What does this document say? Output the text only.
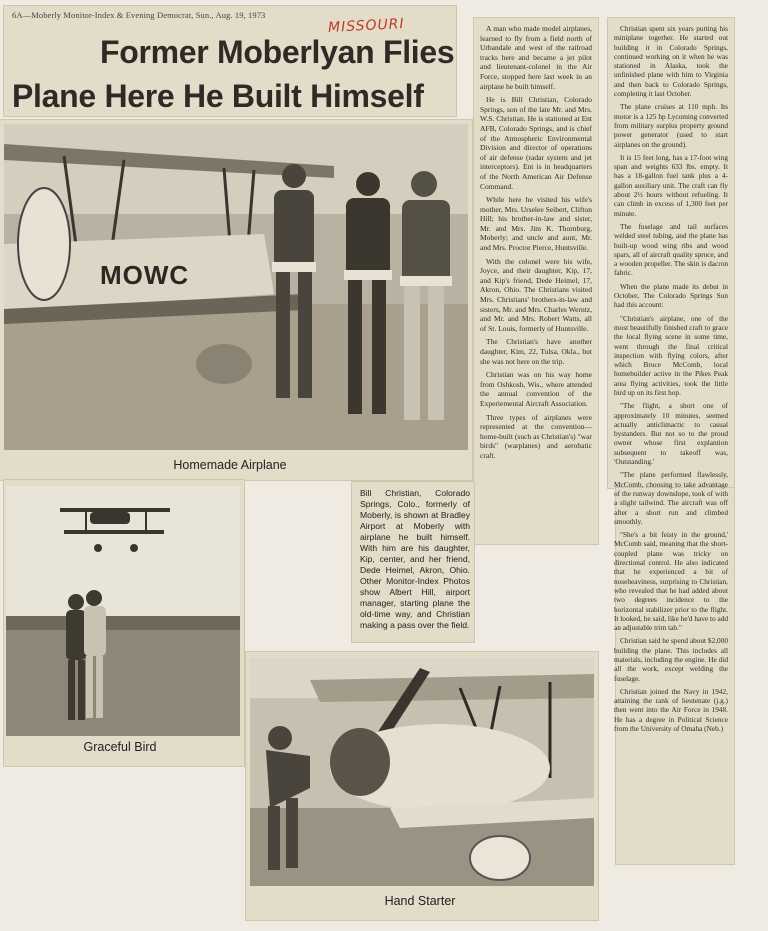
6A—Moberly Monitor-Index & Evening Democrat, Sun., Aug. 19, 1973
MISSOURI
Former Moberlyan Flies
Plane Here He Built Himself
MOWC
Homemade Airplane
Graceful Bird
Bill Christian, Colorado Springs, Colo., formerly of Moberly, is shown at Bradley Airport at Moberly with airplane he built himself. With him are his daughter, Kip, center, and her friend, Dede Heimel, Akron, Ohio. Other Monitor-Index Photos show Albert Hill, airport manager, starting plane the old-time way, and Christian making a pass over the field.
Hand Starter

A man who made model airplanes, learned to fly from a field north of Urbandale and west of the railroad tracks here and became a jet pilot and lieutenant-colonel in the Air Force, stopped here last week in an airplane he built himself.

He is Bill Christian, Colorado Springs, son of the late Mr. and Mrs. W.S. Christian. He is stationed at Ent AFB, Colorado Springs, and is chief of the Atmospheric Environmental Division and director of operations of air defense (radar system and jet interceptors). Ent is in headquarters of the North American Air Defense Command.

While here he visited his wife's mother, Mrs. Urselee Seibert, Clifton Hill; his brother-in-law and sister, Mr. and Mrs. Jim K. Thornburg, Moberly; and uncle and aunt, Mr. and Mrs. Proctor Pierce, Huntsville.

With the colonel were his wife, Joyce, and their daughter, Kip, 17, and Kip's friend, Dede Heimel, 17, Akron, Ohio. The Christians visited Mrs. Christians' brothers-in-law and sisters, Mr. and Mrs. Charles Werntz, and Mr. and Mrs. Robert Watts, all of St. Louis, formerly of Huntsville.

The Christian's have another daughter, Kim, 22, Tulsa, Okla., but she was not here on the trip.

Christian was on his way home from Oshkosh, Wis., where attended the annual convention of the Experiemental Aircraft Association.

Three types of airplanes were represented at the convention—home-built (such as Christian's) "war birds" (warplanes) and aerobatic craft.

Christian spent six years putting his miniplane together. He started out building it in Colorado Springs, continued working on it when he was stationed in Alaska, took the unfinished plane with him to Virginia and then back to Colorado Springs, completing it last October.

The plane cruises at 110 mph. Its motor is a 125 hp Lycoming converted from military surplus property ground power generator (used to start airplanes on the ground).

It is 15 feet long, has a 17-foot wing span and weights 633 lbs. empty. It has a 18-gallon fuel tank plus a 4-gallon auxiliary unit. The craft can fly about 2½ hours without refueling. It can climb in excess of 1,300 feet per minute.

The fuselage and tail surfaces welded steel tubing, and the plane has built-up wood wing ribs and wood spars, all of aircraft quality spruce, and a wooden propeller. The skin is dacron fabric.

When the plane made its debut in October, The Colorado Springs Sun had this account:

"Christian's airplane, one of the most beautifully finished craft to grace the local flying scene in some time, went through the final critical inspection with flying colors, after which Bruce McComb, local homebuilder active in the Pikes Peak area flying activities, took the little bird up on its first hop.

"The flight, a short one of approximately 10 minutes, seemed actually anticlimactic to casual bystanders. But not so to the proud owner whose first explantion subsequent to takeoff was, 'Outstanding.'

"The plane performed flawlessly, McComb, choosing to take advantage of the runway downslope, took of with a slight tailwind. The aircraft was off after a short run and climbed smoothly.

"She's a bit feisty in the ground,' McComb said, meaning that the short-coupled plane was tricky on directional control. He also indicated that he experienced a bit of noseheaviness, surprising to Christian, who revealed that he had added about two degrees incidence to the horizontal stabilizer prior to the flight. It looked, he said, like he'd have to add an adjustable trim tab."

Christian said he spend about $2,000 building the plane. This includes all materials, including the engine. He did all the work, except welding the fuselage.

Christian joined the Navy in 1942, attaining the rank of lieutenate (j.g.) then went into the Air Force in 1948. He has a degree in Political Science from the University of Omaha (Neb.)
